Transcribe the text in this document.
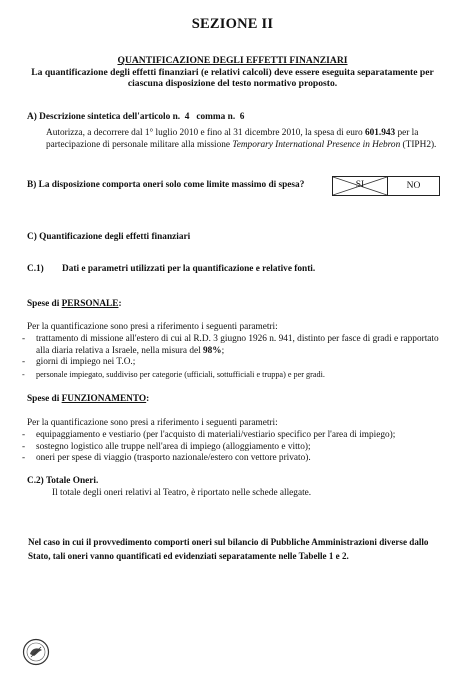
SEZIONE II
QUANTIFICAZIONE DEGLI EFFETTI FINANZIARI
La quantificazione degli effetti finanziari (e relativi calcoli) deve essere eseguita separatamente per ciascuna disposizione del testo normativo proposto.
A) Descrizione sintetica dell'articolo n. 4 comma n. 6
Autorizza, a decorrere dal 1° luglio 2010 e fino al 31 dicembre 2010, la spesa di euro 601.943 per la partecipazione di personale militare alla missione Temporary International Presence in Hebron (TIPH2).
B) La disposizione comporta oneri solo come limite massimo di spesa?	SI	NO
C) Quantificazione degli effetti finanziari
C.1) Dati e parametri utilizzati per la quantificazione e relative fonti.
Spese di PERSONALE:
Per la quantificazione sono presi a riferimento i seguenti parametri:
- trattamento di missione all'estero di cui al R.D. 3 giugno 1926 n. 941, distinto per fasce di gradi e rapportato alla diaria relativa a Israele, nella misura del 98%;
- giorni di impiego nei T.O.;
- personale impiegato, suddiviso per categorie (ufficiali, sottufficiali e truppa) e per gradi.
Spese di FUNZIONAMENTO:
Per la quantificazione sono presi a riferimento i seguenti parametri:
- equipaggiamento e vestiario (per l'acquisto di materiali/vestiario specifico per l'area di impiego);
- sostegno logistico alle truppe nell'area di impiego (alloggiamento e vitto);
- oneri per spese di viaggio (trasporto nazionale/estero con vettore privato).
C.2) Totale Oneri.
Il totale degli oneri relativi al Teatro, è riportato nelle schede allegate.
Nel caso in cui il provvedimento comporti oneri sul bilancio di Pubbliche Amministrazioni diverse dallo Stato, tali oneri vanno quantificati ed evidenziati separatamente nelle Tabelle 1 e 2.
